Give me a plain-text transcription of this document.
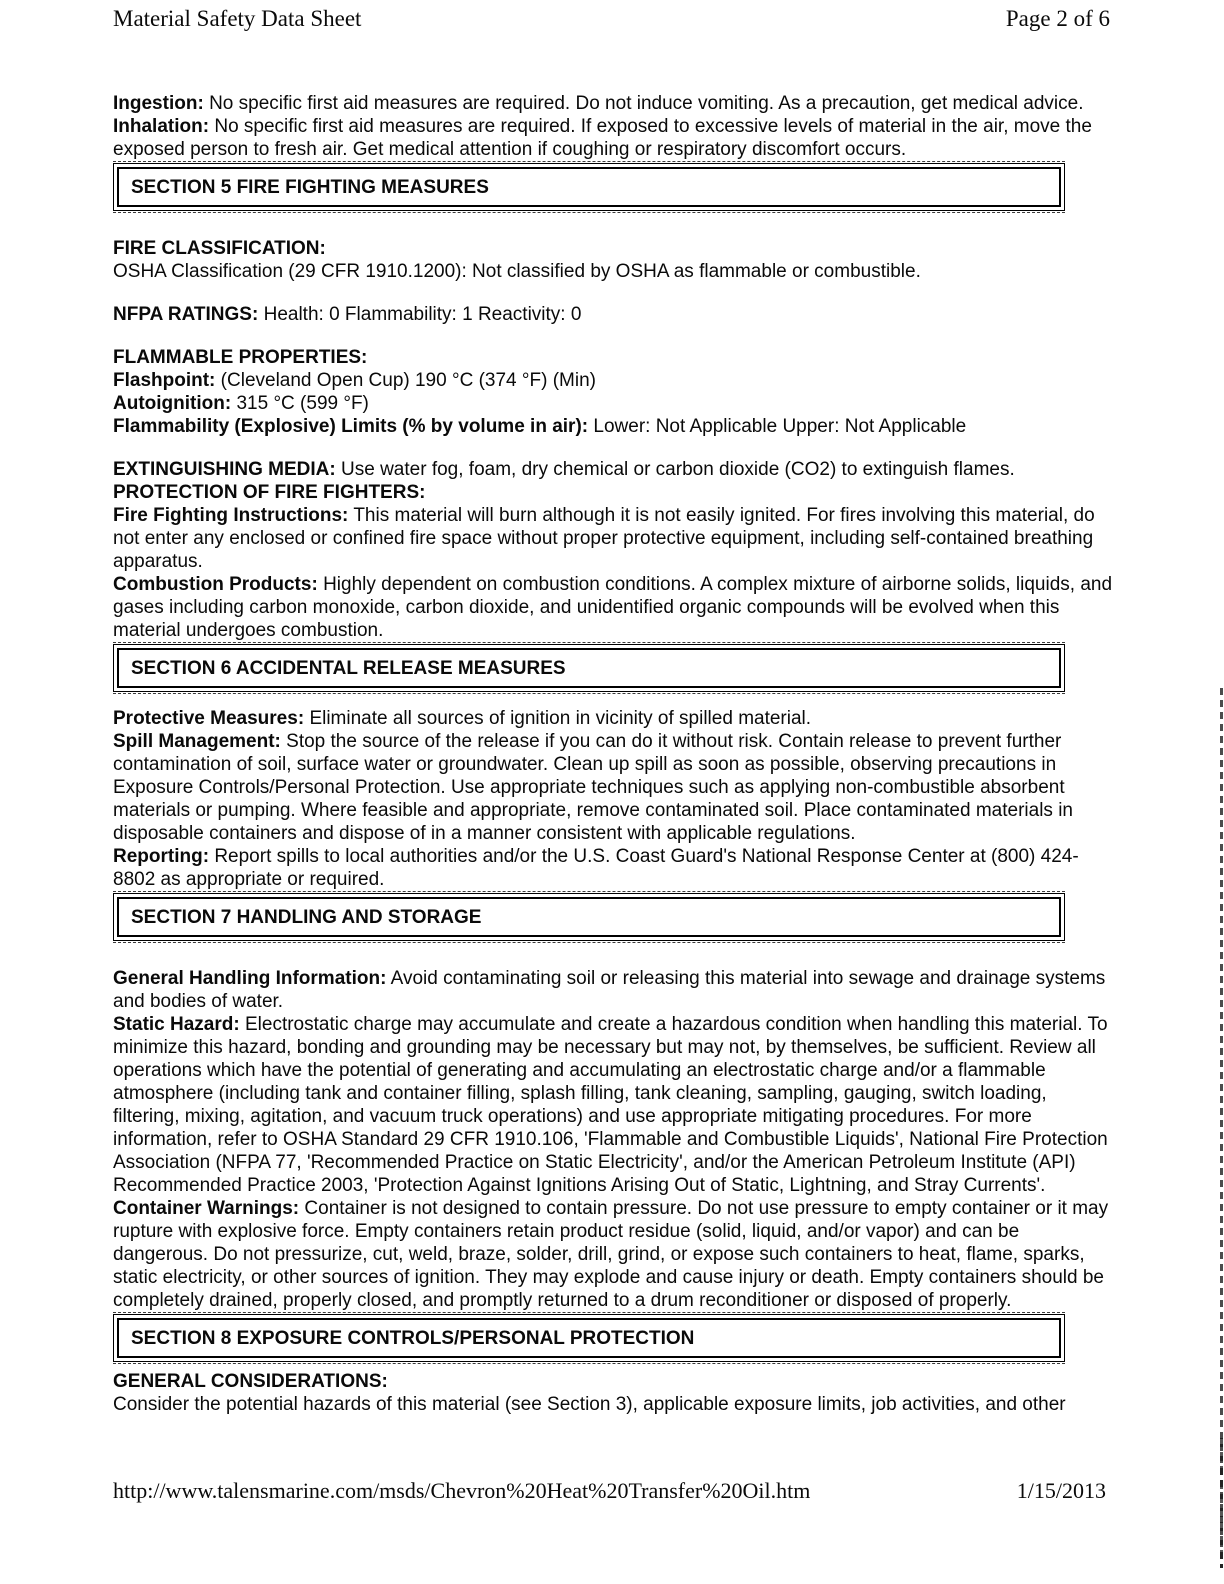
Material Safety Data Sheet	Page 2 of 6

Ingestion: No specific first aid measures are required. Do not induce vomiting. As a precaution, get medical advice.

Inhalation: No specific first aid measures are required. If exposed to excessive levels of material in the air, move the exposed person to fresh air. Get medical attention if coughing or respiratory discomfort occurs.

SECTION 5 FIRE FIGHTING MEASURES

FIRE CLASSIFICATION:

OSHA Classification (29 CFR 1910.1200): Not classified by OSHA as flammable or combustible.

NFPA RATINGS: Health: 0 Flammability: 1 Reactivity: 0

FLAMMABLE PROPERTIES:

Flashpoint: (Cleveland Open Cup) 190 °C (374 °F) (Min)

Autoignition: 315 °C (599 °F)

Flammability (Explosive) Limits (% by volume in air): Lower: Not Applicable Upper: Not Applicable

EXTINGUISHING MEDIA: Use water fog, foam, dry chemical or carbon dioxide (CO2) to extinguish flames.

PROTECTION OF FIRE FIGHTERS:

Fire Fighting Instructions: This material will burn although it is not easily ignited. For fires involving this material, do not enter any enclosed or confined fire space without proper protective equipment, including self-contained breathing apparatus.

Combustion Products: Highly dependent on combustion conditions. A complex mixture of airborne solids, liquids, and gases including carbon monoxide, carbon dioxide, and unidentified organic compounds will be evolved when this material undergoes combustion.

SECTION 6 ACCIDENTAL RELEASE MEASURES

Protective Measures: Eliminate all sources of ignition in vicinity of spilled material.

Spill Management: Stop the source of the release if you can do it without risk. Contain release to prevent further contamination of soil, surface water or groundwater. Clean up spill as soon as possible, observing precautions in Exposure Controls/Personal Protection. Use appropriate techniques such as applying non-combustible absorbent materials or pumping. Where feasible and appropriate, remove contaminated soil. Place contaminated materials in disposable containers and dispose of in a manner consistent with applicable regulations.

Reporting: Report spills to local authorities and/or the U.S. Coast Guard's National Response Center at (800) 424-8802 as appropriate or required.

SECTION 7 HANDLING AND STORAGE

General Handling Information: Avoid contaminating soil or releasing this material into sewage and drainage systems and bodies of water.

Static Hazard: Electrostatic charge may accumulate and create a hazardous condition when handling this material. To minimize this hazard, bonding and grounding may be necessary but may not, by themselves, be sufficient. Review all operations which have the potential of generating and accumulating an electrostatic charge and/or a flammable atmosphere (including tank and container filling, splash filling, tank cleaning, sampling, gauging, switch loading, filtering, mixing, agitation, and vacuum truck operations) and use appropriate mitigating procedures. For more information, refer to OSHA Standard 29 CFR 1910.106, 'Flammable and Combustible Liquids', National Fire Protection Association (NFPA 77, 'Recommended Practice on Static Electricity', and/or the American Petroleum Institute (API) Recommended Practice 2003, 'Protection Against Ignitions Arising Out of Static, Lightning, and Stray Currents'.

Container Warnings: Container is not designed to contain pressure. Do not use pressure to empty container or it may rupture with explosive force. Empty containers retain product residue (solid, liquid, and/or vapor) and can be dangerous. Do not pressurize, cut, weld, braze, solder, drill, grind, or expose such containers to heat, flame, sparks, static electricity, or other sources of ignition. They may explode and cause injury or death. Empty containers should be completely drained, properly closed, and promptly returned to a drum reconditioner or disposed of properly.

SECTION 8 EXPOSURE CONTROLS/PERSONAL PROTECTION

GENERAL CONSIDERATIONS:

Consider the potential hazards of this material (see Section 3), applicable exposure limits, job activities, and other

http://www.talensmarine.com/msds/Chevron%20Heat%20Transfer%20Oil.htm	1/15/2013
